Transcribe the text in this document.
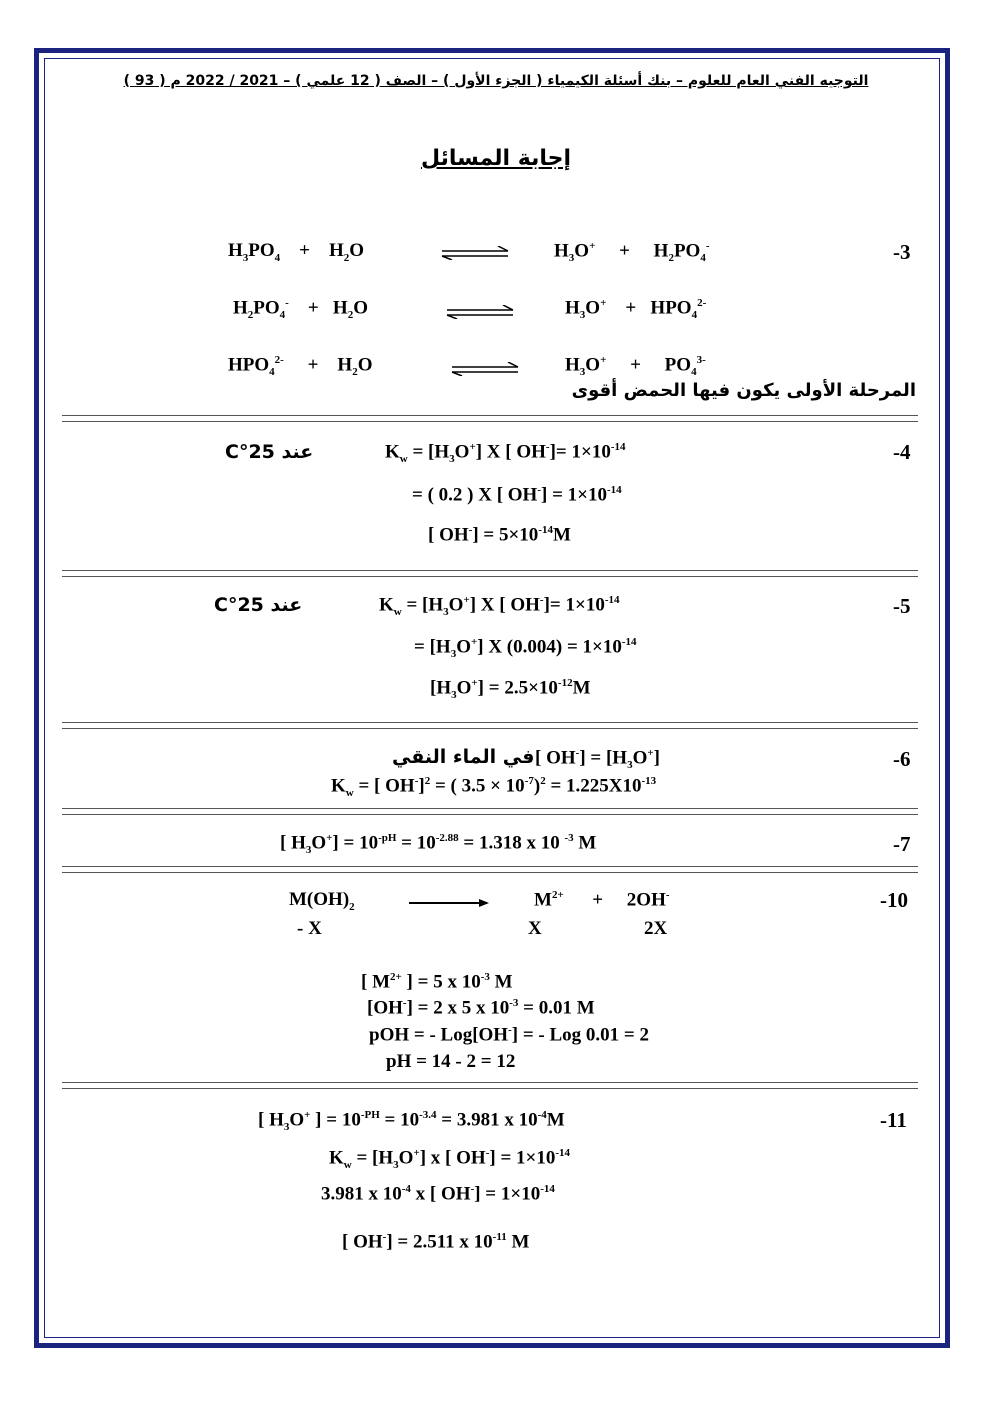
التوجيه الفني العام للعلوم – بنك أسئلة الكيمياء ( الجزء الأول ) – الصف ( 12 علمي ) – 2021 / 2022 م ( 93 )
إجابة المسائل
-3
$H_3PO_4 + H_2O$	$H_3O^+ + H_2PO_4^-$
$H_2PO_4^- + H_2O$	$H_3O^+ + HPO_4^{2-}$
$HPO_4^{2-} + H_2O$	$H_3O^+ + PO_4^{3-}$
المرحلة الأولى يكون فيها الحمض أقوى
-4
عند 25°C	$K_w = [H_3O^+]$ X [ $OH^-]= 1\times 10^{-14}$
= ( 0.2 ) X [ $OH^-] = 1\times 10^{-14}$
[ $OH^-] = 5\times 10^{-14}M$
-5
عند 25°C	$K_w = [H_3O^+]$ X [ $OH^-]= 1\times 10^{-14}$
= $[H_3O^+]$ X $(0.004) = 1\times 10^{-14}$
$[H_3O^+] = 2.5\times 10^{-12}M$
-6
في الماء النقي [ $OH^-] = [H_3O^+]$
$K_w$ = [ OH-]$^2$ = ( $3.5 \times 10^{-7})^2 = 1.225X10^{-13}$
-7
[ $H_3O^+] = 10^{-pH} = 10^{-2.88} = 1.318$ x 10 $^{-3}$ M
-10
$M(OH)_2$	$M^{2+} + 2OH^-$
- X	X	2X
[ $M^{2+}$ ] = 5 x $10^{-3}$ M
[OH-] = 2 x 5 x $10^{-3} = 0.01$ M
pOH = - Log[OH-] = - Log 0.01 = 2
pH = 14 - 2 = 12
-11
[ $H_3O^+$ ] = $10^{-PH} = 10^{-3.4} = 3.981$ x $10^{-4}M$
$K_w = [H_3O^+]$ x [ $OH^-] = 1\times 10^{-14}$
3.981 x $10^{-4}$ x [ $OH^-] = 1\times 10^{-14}$
[ OH-] = 2.511 x $10^{-11}$ M
